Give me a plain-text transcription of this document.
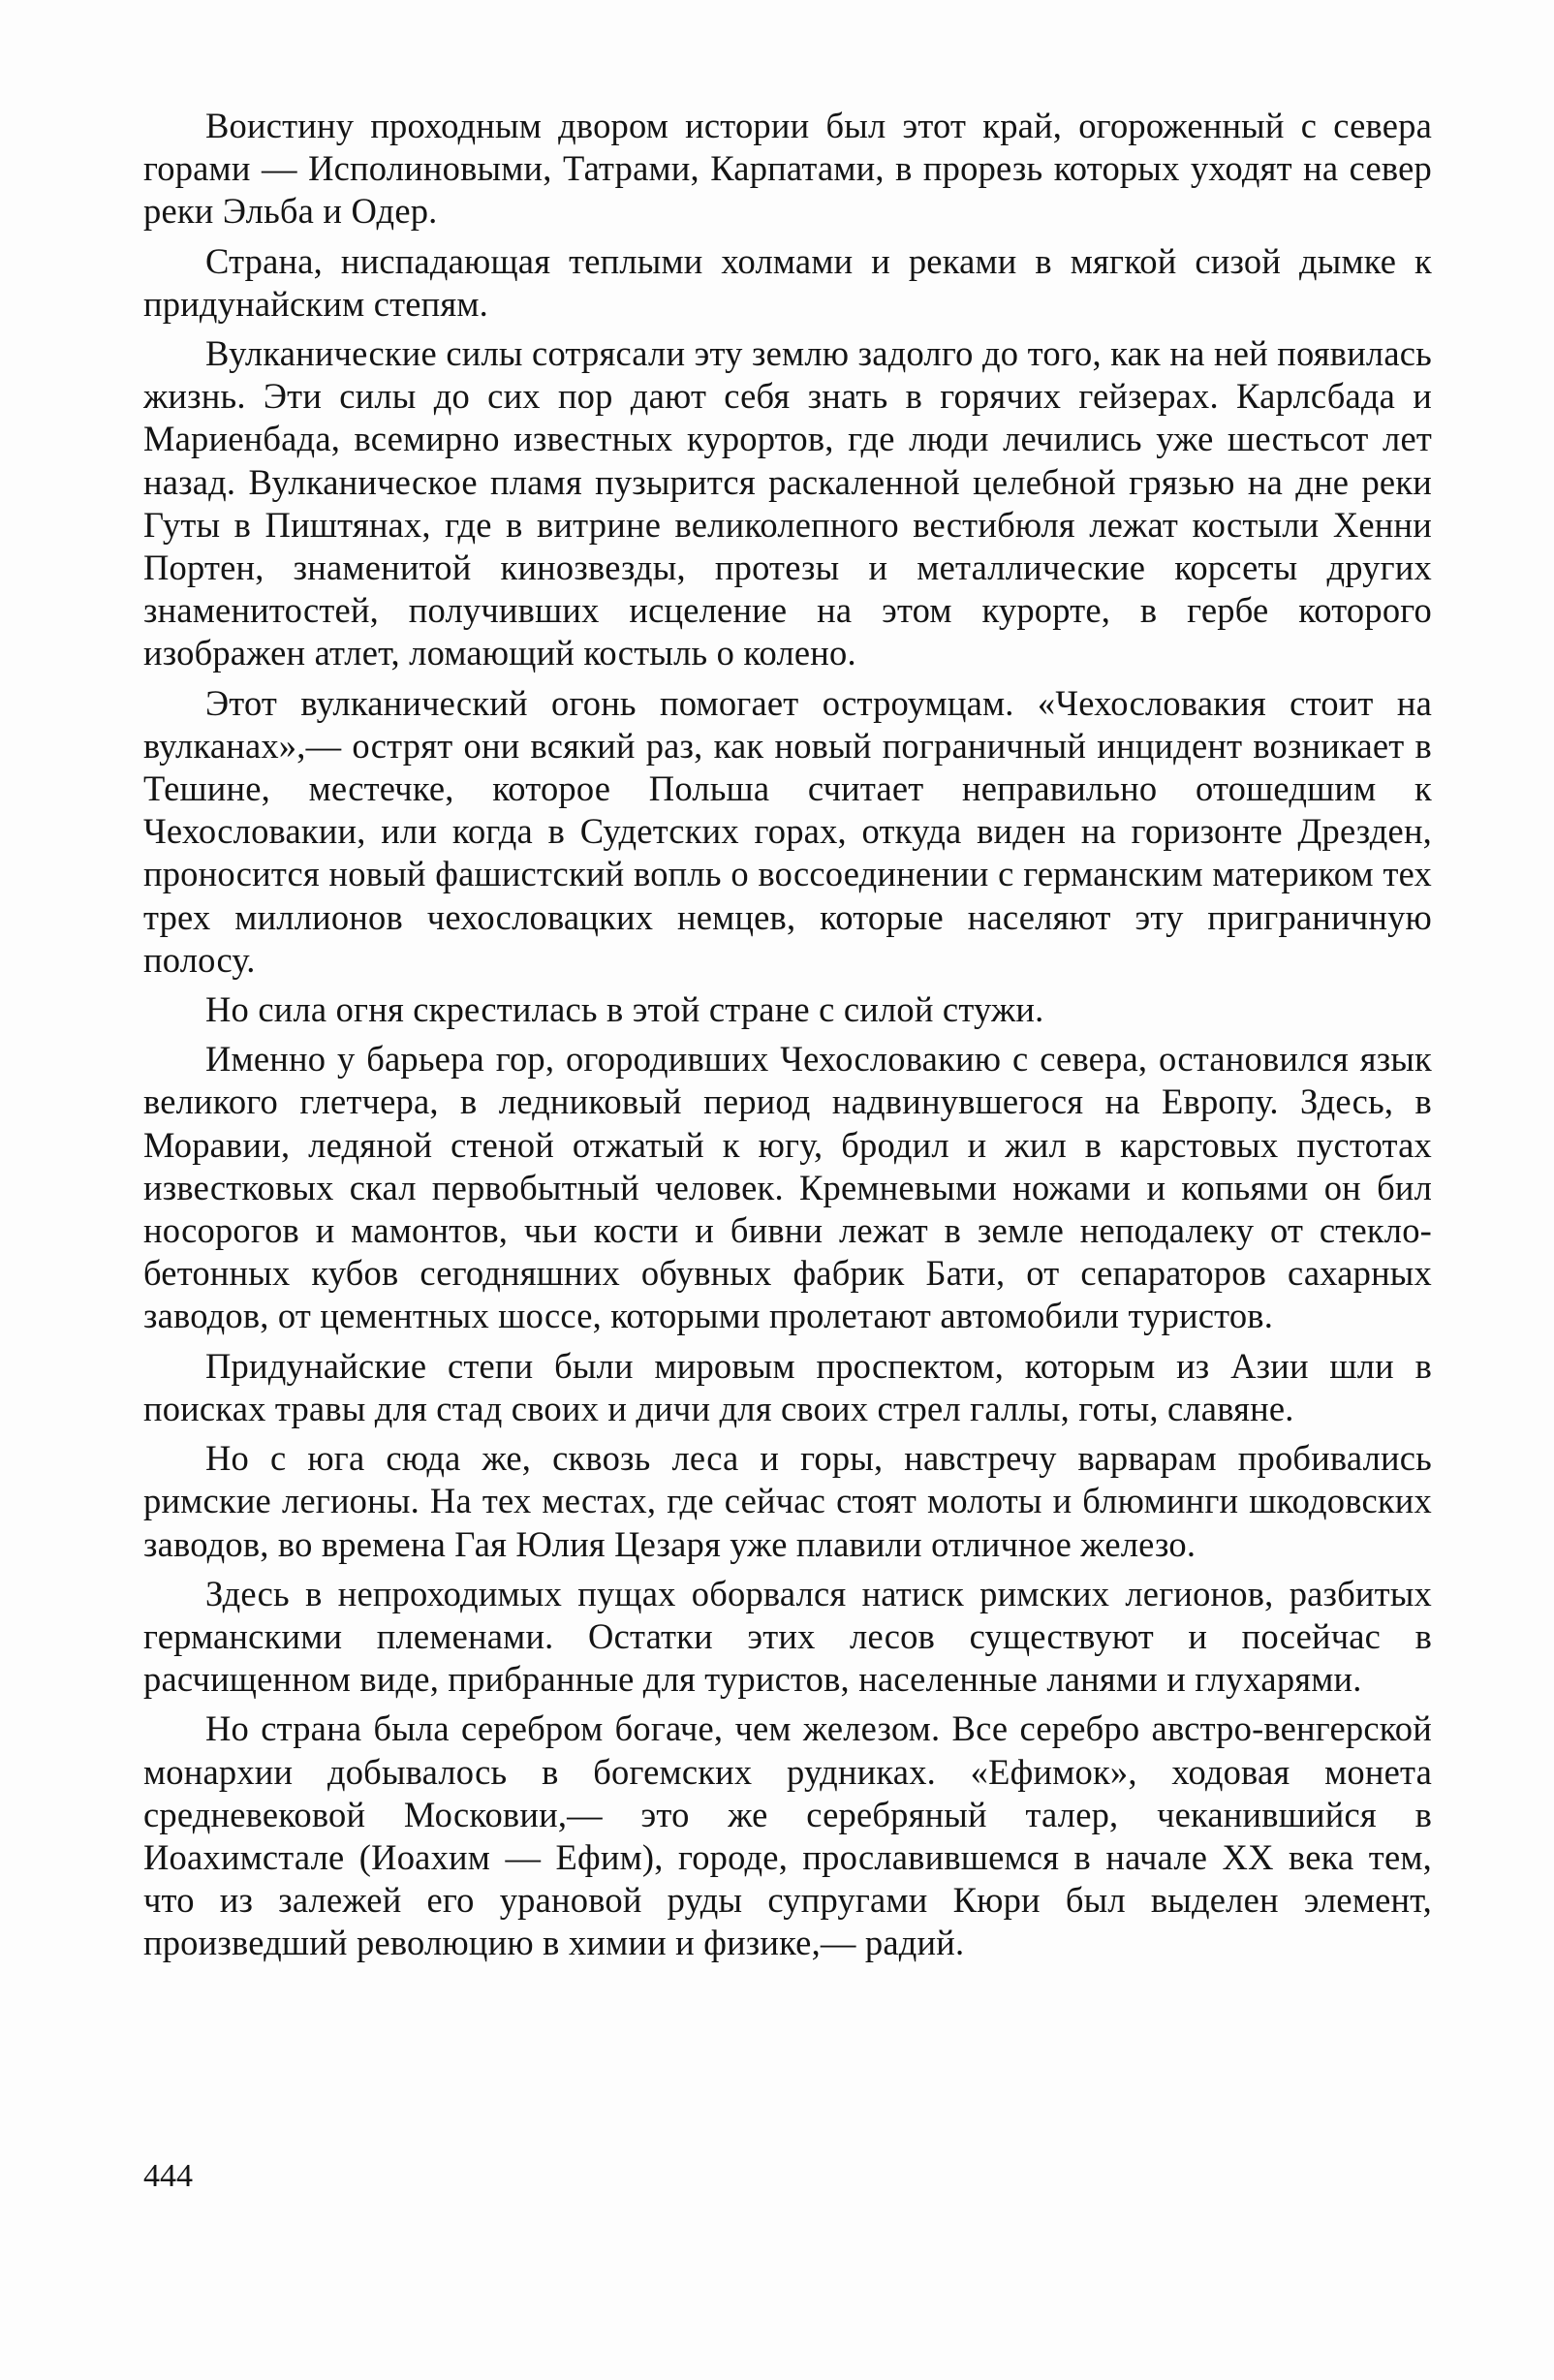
Воистину проходным двором истории был этот край, огороженный с севера горами — Исполиновыми, Татрами, Карпатами, в прорезь которых уходят на север реки Эльба и Одер.

Страна, ниспадающая теплыми холмами и реками в мягкой сизой дымке к придунайским степям.

Вулканические силы сотрясали эту землю задолго до того, как на ней появилась жизнь. Эти силы до сих пор дают себя знать в горячих гейзерах. Карлсбада и Мариенбада, всемирно известных курортов, где люди лечились уже шестьсот лет назад. Вулканическое пламя пузырится раскаленной целебной грязью на дне реки Гуты в Пиштянах, где в витрине великолепного вестибюля лежат костыли Хенни Портен, знаменитой кинозвезды, протезы и металлические корсеты других знаменитостей, получивших исцеление на этом курорте, в гербе которого изображен атлет, ломающий костыль о колено.

Этот вулканический огонь помогает остроумцам. «Чехословакия стоит на вулканах»,— острят они всякий раз, как новый пограничный инцидент возникает в Тешине, местечке, которое Польша считает неправильно отошедшим к Чехословакии, или когда в Судетских горах, откуда виден на горизонте Дрезден, проносится новый фашистский вопль о воссоединении с германским материком тех трех миллионов чехословацких немцев, которые населяют эту приграничную полосу.

Но сила огня скрестилась в этой стране с силой стужи.

Именно у барьера гор, огородивших Чехословакию с севера, остановился язык великого глетчера, в ледниковый период надвинувшегося на Европу. Здесь, в Моравии, ледяной стеной отжатый к югу, бродил и жил в карстовых пустотах известковых скал первобытный человек. Кремневыми ножами и копьями он бил носорогов и мамонтов, чьи кости и бивни лежат в земле неподалеку от стекло-бетонных кубов сегодняшних обувных фабрик Бати, от сепараторов сахарных заводов, от цементных шоссе, которыми пролетают автомобили туристов.

Придунайские степи были мировым проспектом, которым из Азии шли в поисках травы для стад своих и дичи для своих стрел галлы, готы, славяне.

Но с юга сюда же, сквозь леса и горы, навстречу варварам пробивались римские легионы. На тех местах, где сейчас стоят молоты и блюминги шкодовских заводов, во времена Гая Юлия Цезаря уже плавили отличное железо.

Здесь в непроходимых пущах оборвался натиск римских легионов, разбитых германскими племенами. Остатки этих лесов существуют и посейчас в расчищенном виде, прибранные для туристов, населенные ланями и глухарями.

Но страна была серебром богаче, чем железом. Все серебро австро-венгерской монархии добывалось в богемских рудниках. «Ефимок», ходовая монета средневековой Московии,— это же серебряный талер, чеканившийся в Иоахимстале (Иоахим — Ефим), городе, прославившемся в начале XX века тем, что из залежей его урановой руды супругами Кюри был выделен элемент, произведший революцию в химии и физике,— радий.

444
